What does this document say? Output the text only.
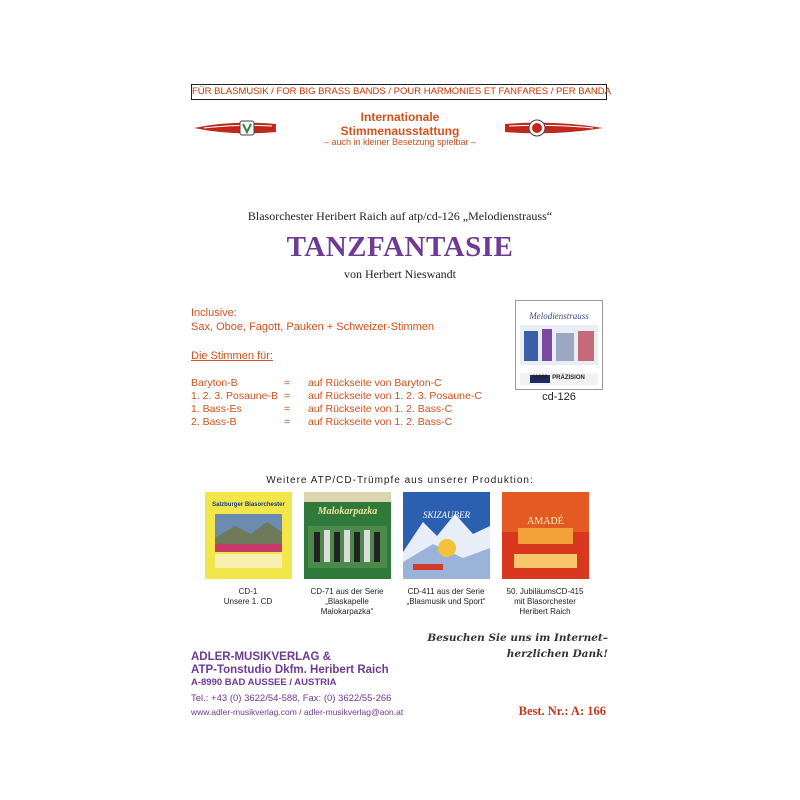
FÜR BLASMUSIK / FOR BIG BRASS BANDS / POUR HARMONIES ET FANFARES / PER BANDA
Internationale
Stimmenausstattung
– auch in kleiner Besetzung spielbar –
Blasorchester Heribert Raich auf atp/cd-126 „Melodienstrauss“
TANZFANTASIE
von Herbert Nieswandt
Inclusive:
Sax, Oboe, Fagott, Pauken + Schweizer-Stimmen
Die Stimmen für:
Baryton-B	= auf Rückseite von Baryton-C
1. 2. 3. Posaune-B = auf Rückseite von 1. 2. 3. Posaune-C
1. Bass-Es	= auf Rückseite von 1. 2. Bass-C
2. Bass-B	= auf Rückseite von 1. 2. Bass-C
Melodienstrauss
HAM · PRÄZISION
cd-126
Weitere ATP/CD-Trümpfe aus unserer Produktion:
Salzburger Blasorchester
CD-1
Unsere 1. CD
Malokarpazka
CD-71 aus der Serie
„Blaskapelle
Malokarpazka“
SKIZAUBER
CD-411 aus der Serie
„Blasmusik und Sport“
AMADÉ
50. JubiläumsCD-415
mit Blasorchester
Heribert Raich
Besuchen Sie uns im Internet–
herzlichen Dank!
ADLER-MUSIKVERLAG &
ATP-Tonstudio Dkfm. Heribert Raich
A-8990 BAD AUSSEE / AUSTRIA
Tel.: +43 (0) 3622/54-588, Fax: (0) 3622/55-266
www.adler-musikverlag.com / adler-musikverlag@aon.at	Best. Nr.: A: 166
